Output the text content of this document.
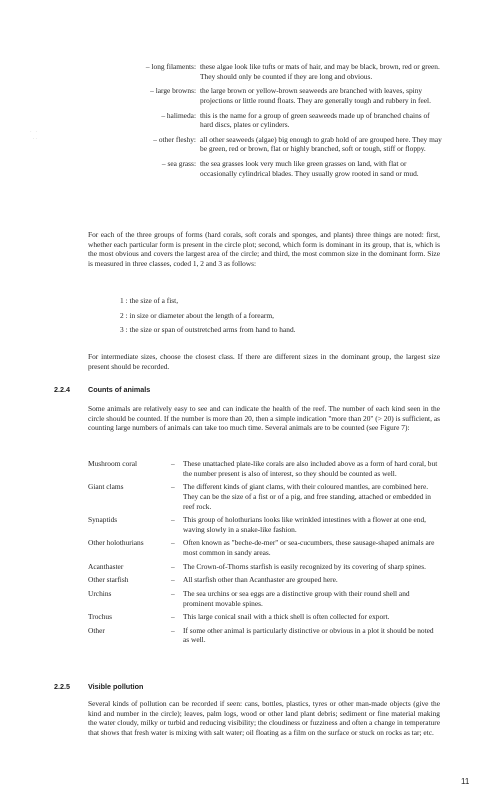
– long filaments: these algae look like tufts or mats of hair, and may be black, brown, red or green. They should only be counted if they are long and obvious.
– large browns: the large brown or yellow-brown seaweeds are branched with leaves, spiny projections or little round floats. They are generally tough and rubbery in feel.
– halimeda: this is the name for a group of green seaweeds made up of branched chains of hard discs, plates or cylinders.
– other fleshy: all other seaweeds (algae) big enough to grab hold of are grouped here. They may be green, red or brown, flat or highly branched, soft or tough, stiff or floppy.
– sea grass: the sea grasses look very much like green grasses on land, with flat or occasionally cylindrical blades. They usually grow rooted in sand or mud.
For each of the three groups of forms (hard corals, soft corals and sponges, and plants) three things are noted: first, whether each particular form is present in the circle plot; second, which form is dominant in its group, that is, which is the most obvious and covers the largest area of the circle; and third, the most common size in the dominant form. Size is measured in three classes, coded 1, 2 and 3 as follows:
1 : the size of a fist,
2 : in size or diameter about the length of a forearm,
3 : the size or span of outstretched arms from hand to hand.
For intermediate sizes, choose the closest class. If there are different sizes in the dominant group, the largest size present should be recorded.
2.2.4	Counts of animals
Some animals are relatively easy to see and can indicate the health of the reef. The number of each kind seen in the circle should be counted. If the number is more than 20, then a simple indication "more than 20" (> 20) is sufficient, as counting large numbers of animals can take too much time. Several animals are to be counted (see Figure 7):
Mushroom coral	–	These unattached plate-like corals are also included above as a form of hard coral, but the number present is also of interest, so they should be counted as well.
Giant clams	–	The different kinds of giant clams, with their coloured mantles, are combined here. They can be the size of a fist or of a pig, and free standing, attached or embedded in reef rock.
Synaptids	–	This group of holothurians looks like wrinkled intestines with a flower at one end, waving slowly in a snake-like fashion.
Other holothurians	–	Often known as "beche-de-mer" or sea-cucumbers, these sausage-shaped animals are most common in sandy areas.
Acanthaster	–	The Crown-of-Thorns starfish is easily recognized by its covering of sharp spines.
Other starfish	–	All starfish other than Acanthaster are grouped here.
Urchins	–	The sea urchins or sea eggs are a distinctive group with their round shell and prominent movable spines.
Trochus	–	This large conical snail with a thick shell is often collected for export.
Other	–	If some other animal is particularly distinctive or obvious in a plot it should be noted as well.
2.2.5	Visible pollution
Several kinds of pollution can be recorded if seen: cans, bottles, plastics, tyres or other man-made objects (give the kind and number in the circle); leaves, palm logs, wood or other land plant debris; sediment or fine material making the water cloudy, milky or turbid and reducing visibility; the cloudiness or fuzziness and often a change in temperature that shows that fresh water is mixing with salt water; oil floating as a film on the surface or stuck on rocks as tar; etc.
11
·   ·
· ·
